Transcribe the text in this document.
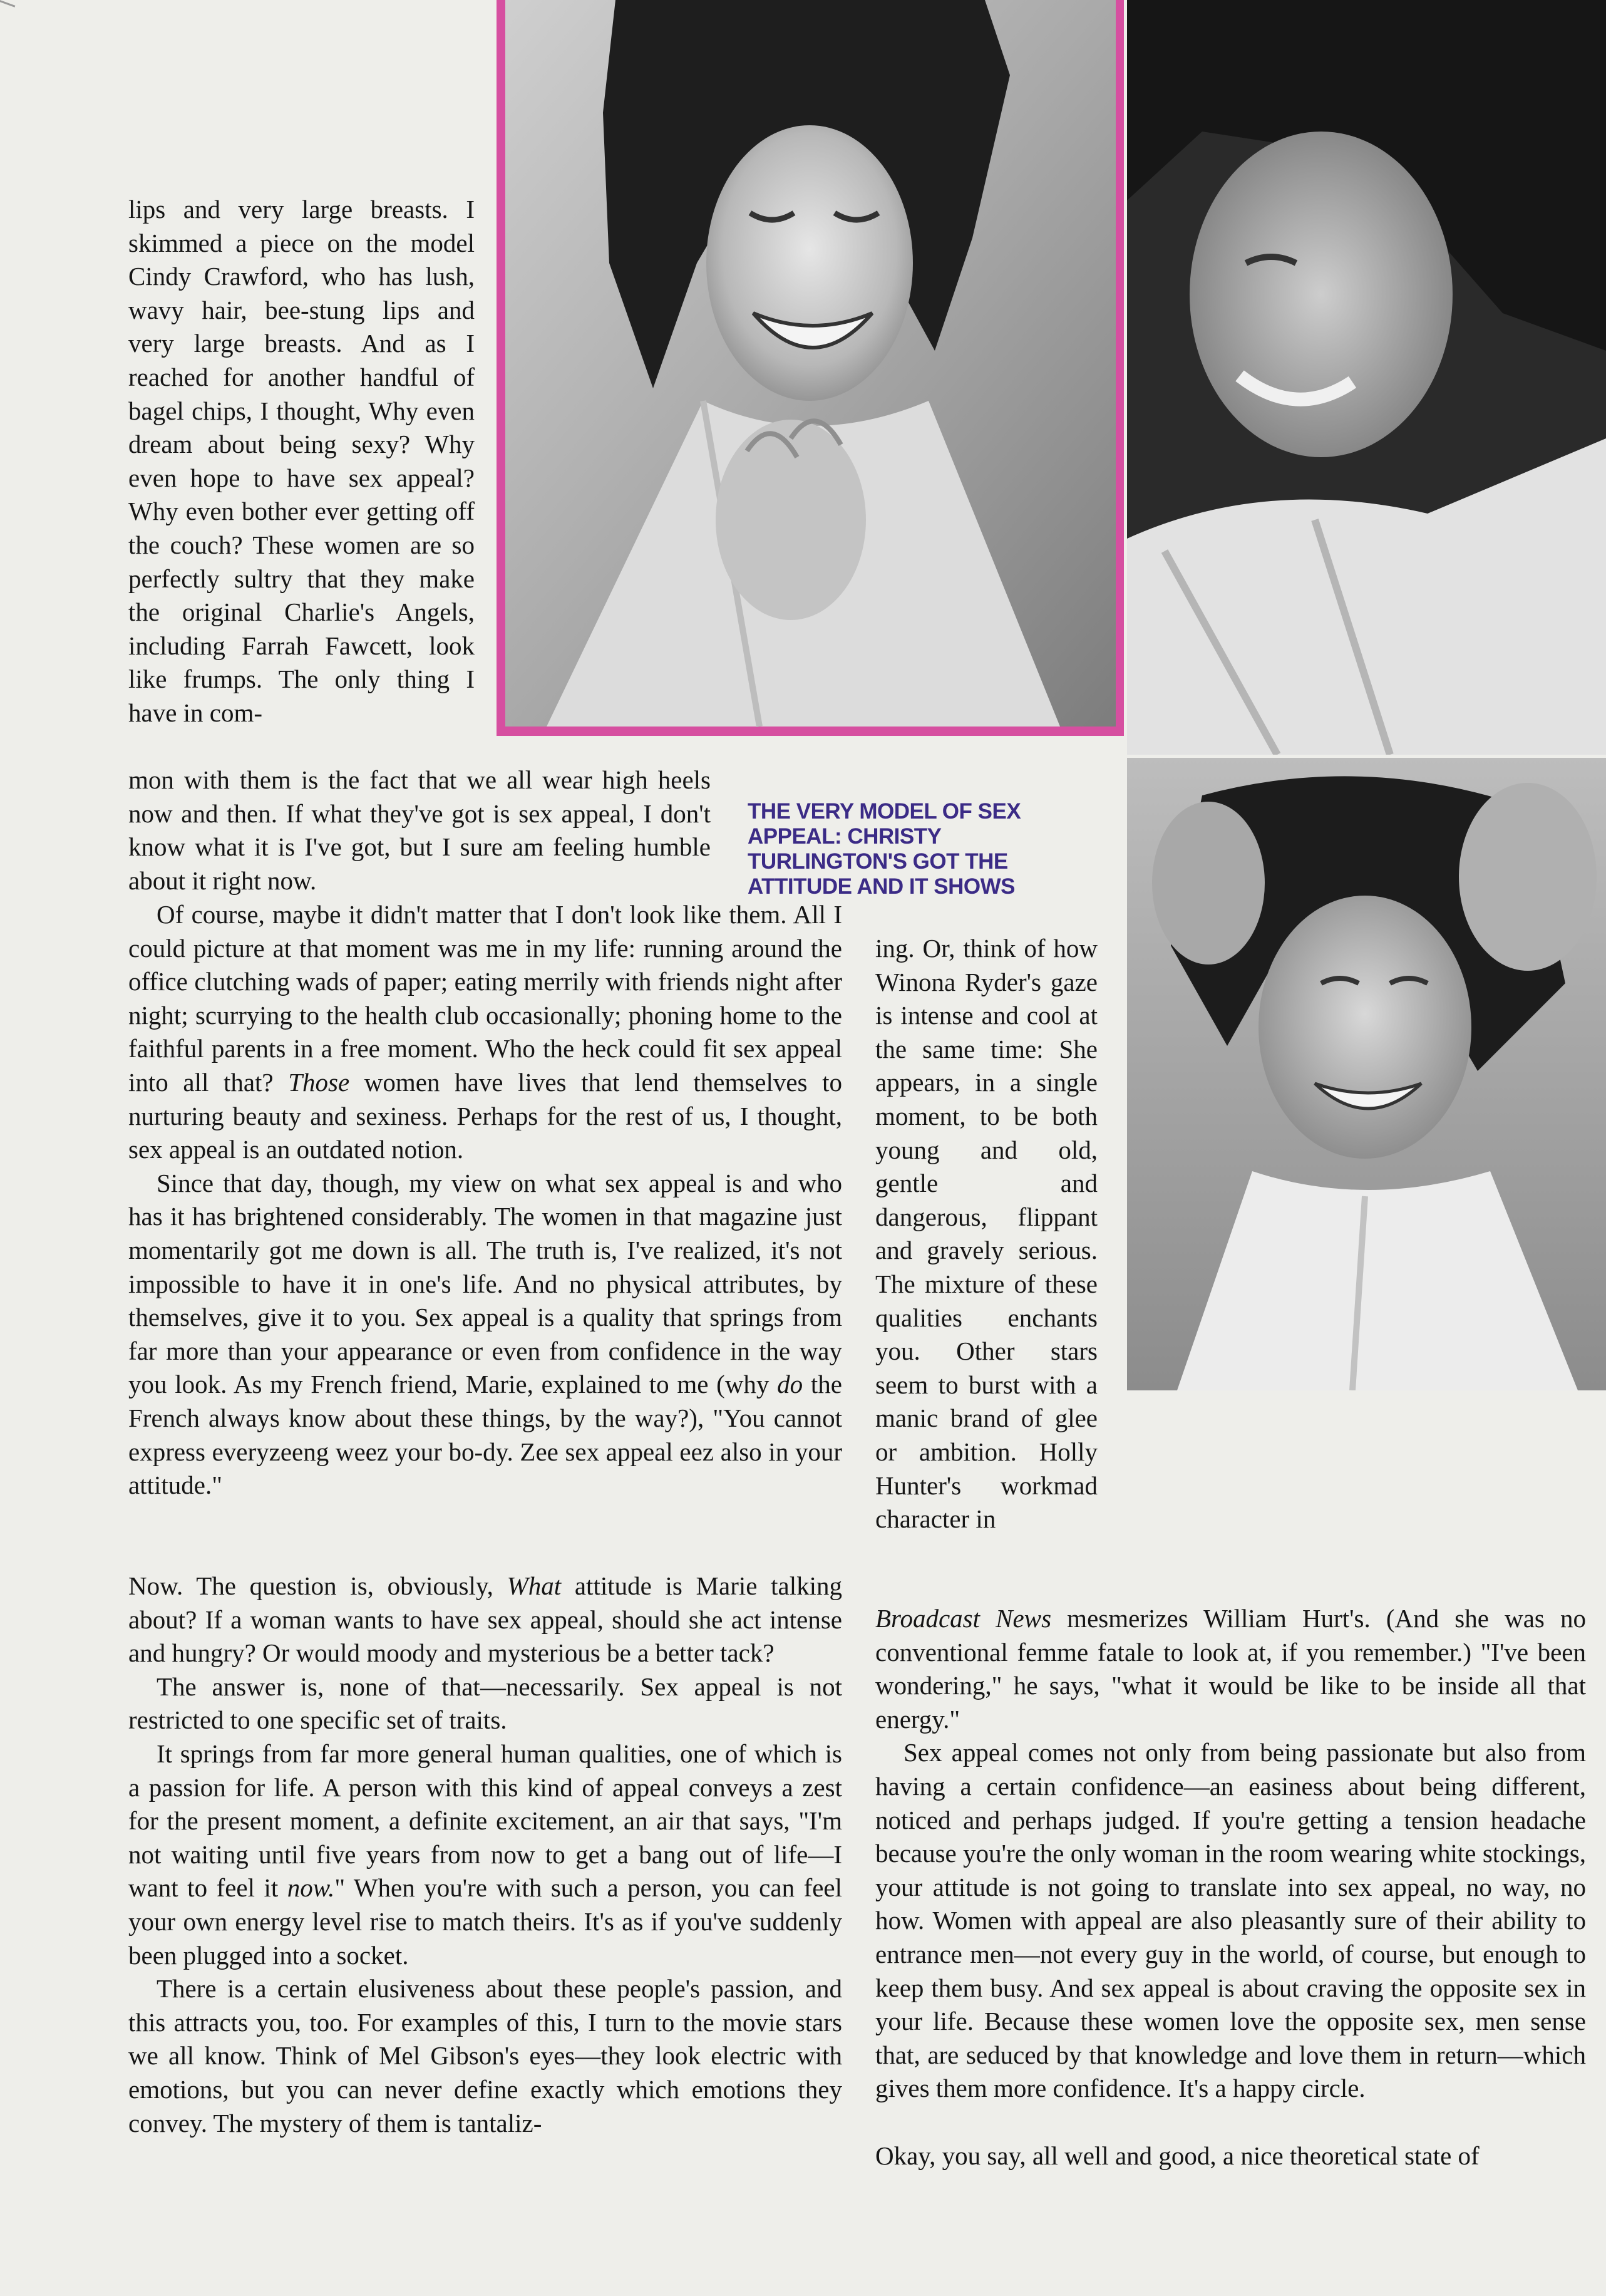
THE VERY MODEL OF SEX APPEAL: CHRISTY TURLINGTON'S GOT THE ATTITUDE AND IT SHOWS

lips and very large breasts. I skimmed a piece on the model Cindy Crawford, who has lush, wavy hair, bee-stung lips and very large breasts. And as I reached for another handful of bagel chips, I thought, Why even dream about being sexy? Why even hope to have sex appeal? Why even bother ever getting off the couch? These women are so perfectly sultry that they make the original Charlie's Angels, including Farrah Fawcett, look like frumps. The only thing I have in com-

mon with them is the fact that we all wear high heels now and then. If what they've got is sex appeal, I don't know what it is I've got, but I sure am feeling humble about it right now.

Of course, maybe it didn't matter that I don't look like them. All I could picture at that moment was me in my life: running around the office clutching wads of paper; eating merrily with friends night after night; scurrying to the health club occasionally; phoning home to the faithful parents in a free moment. Who the heck could fit sex appeal into all that? Those women have lives that lend themselves to nurturing beauty and sexiness. Perhaps for the rest of us, I thought, sex appeal is an outdated notion.

Since that day, though, my view on what sex appeal is and who has it has brightened considerably. The women in that magazine just momentarily got me down is all. The truth is, I've realized, it's not impossible to have it in one's life. And no physical attributes, by themselves, give it to you. Sex appeal is a quality that springs from far more than your appearance or even from confidence in the way you look. As my French friend, Marie, explained to me (why do the French always know about these things, by the way?), "You cannot express everyzeeng weez your bo-dy. Zee sex appeal eez also in your attitude."

Now. The question is, obviously, What attitude is Marie talking about? If a woman wants to have sex appeal, should she act intense and hungry? Or would moody and mysterious be a better tack?

The answer is, none of that—necessarily. Sex appeal is not restricted to one specific set of traits.

It springs from far more general human qualities, one of which is a passion for life. A person with this kind of appeal conveys a zest for the present moment, a definite excitement, an air that says, "I'm not waiting until five years from now to get a bang out of life—I want to feel it now." When you're with such a person, you can feel your own energy level rise to match theirs. It's as if you've suddenly been plugged into a socket.

There is a certain elusiveness about these people's passion, and this attracts you, too. For examples of this, I turn to the movie stars we all know. Think of Mel Gibson's eyes—they look electric with emotions, but you can never define exactly which emotions they convey. The mystery of them is tantaliz-

ing. Or, think of how Winona Ryder's gaze is intense and cool at the same time: She appears, in a single moment, to be both young and old, gentle and dangerous, flippant and gravely serious. The mixture of these qualities enchants you. Other stars seem to burst with a manic brand of glee or ambition. Holly Hunter's workmad character in

Broadcast News mesmerizes William Hurt's. (And she was no conventional femme fatale to look at, if you remember.) "I've been wondering," he says, "what it would be like to be inside all that energy."

Sex appeal comes not only from being passionate but also from having a certain confidence—an easiness about being different, noticed and perhaps judged. If you're getting a tension headache because you're the only woman in the room wearing white stockings, your attitude is not going to translate into sex appeal, no way, no how. Women with appeal are also pleasantly sure of their ability to entrance men—not every guy in the world, of course, but enough to keep them busy. And sex appeal is about craving the opposite sex in your life. Because these women love the opposite sex, men sense that, are seduced by that knowledge and love them in return—which gives them more confidence. It's a happy circle.

Okay, you say, all well and good, a nice theoretical state of
